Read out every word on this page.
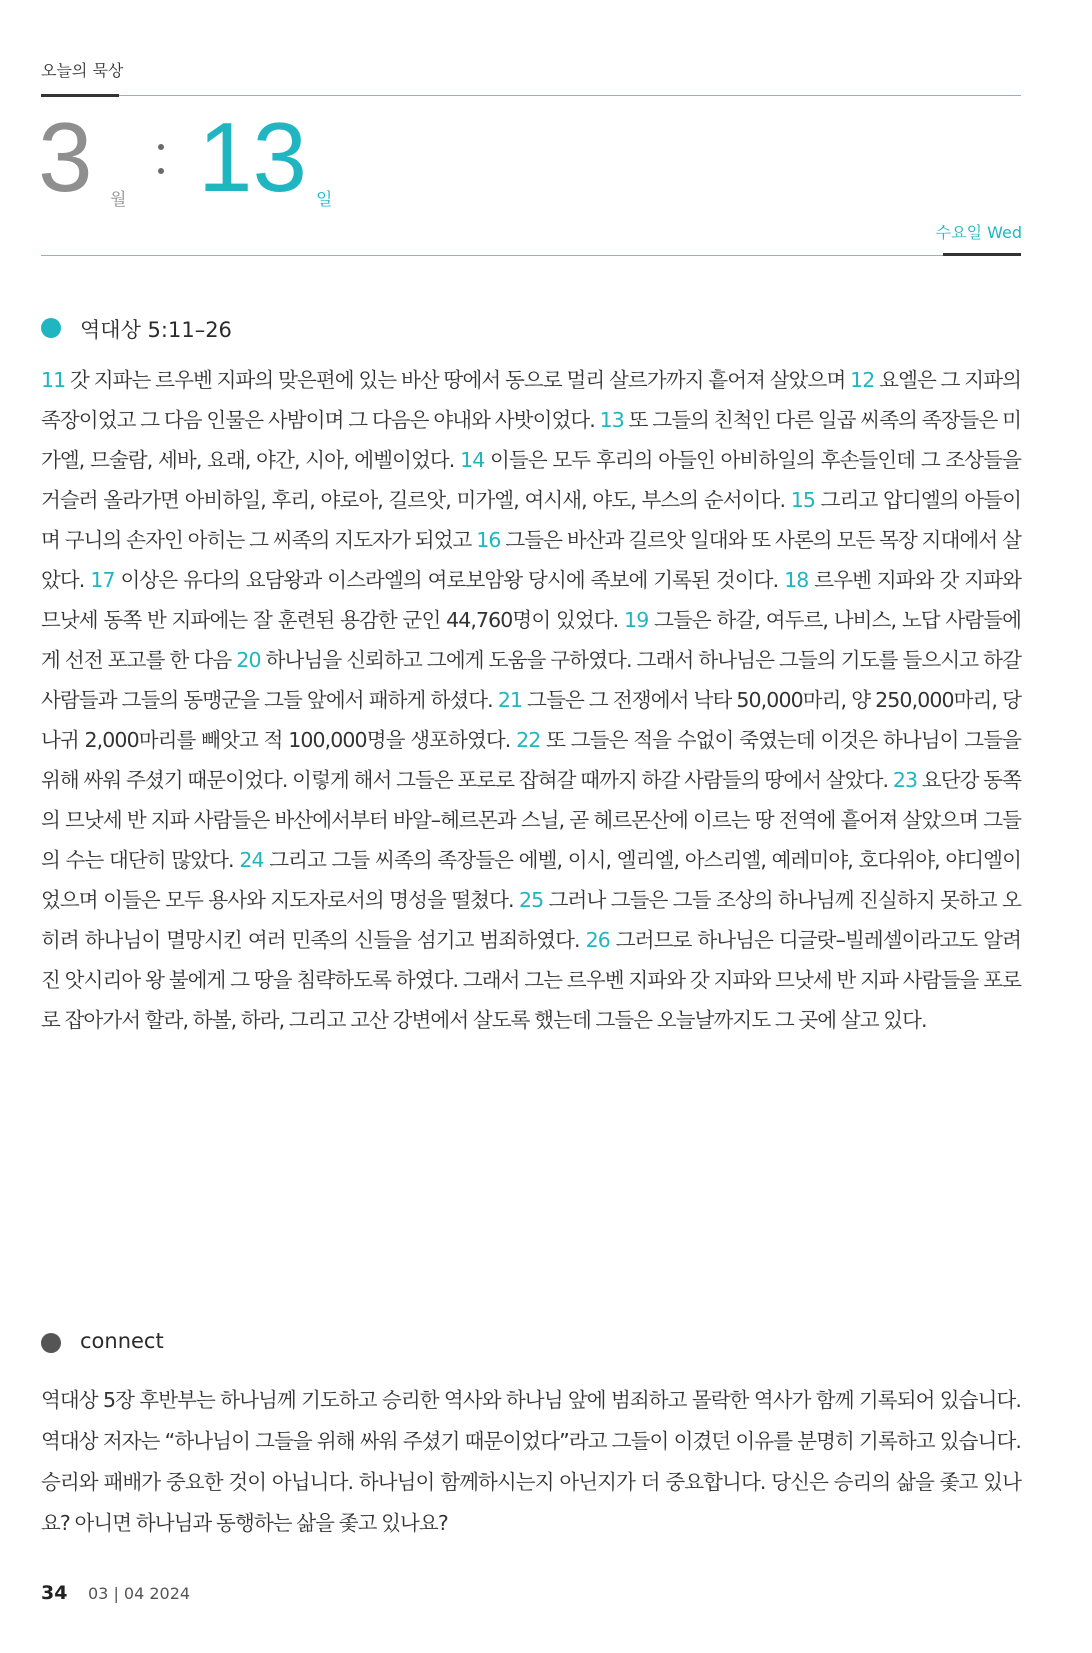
오늘의 묵상
3 월 13 일
수요일 Wed
역대상 5:11–26
11 갓 지파는 르우벤 지파의 맞은편에 있는 바산 땅에서 동으로 멀리 살르가까지 흩어져 살았으며 12 요엘은 그 지파의 족장이었고 그 다음 인물은 사밤이며 그 다음은 야내와 사밧이었다. 13 또 그들의 친척인 다른 일곱 씨족의 족장들은 미가엘, 므술람, 세바, 요래, 야간, 시아, 에벨이었다. 14 이들은 모두 후리의 아들인 아비하일의 후손들인데 그 조상들을 거슬러 올라가면 아비하일, 후리, 야로아, 길르앗, 미가엘, 여시새, 야도, 부스의 순서이다. 15 그리고 압디엘의 아들이며 구니의 손자인 아히는 그 씨족의 지도자가 되었고 16 그들은 바산과 길르앗 일대와 또 사론의 모든 목장 지대에서 살았다. 17 이상은 유다의 요담왕과 이스라엘의 여로보암왕 당시에 족보에 기록된 것이다. 18 르우벤 지파와 갓 지파와 므낫세 동쪽 반 지파에는 잘 훈련된 용감한 군인 44,760명이 있었다. 19 그들은 하갈, 여두르, 나비스, 노답 사람들에게 선전 포고를 한 다음 20 하나님을 신뢰하고 그에게 도움을 구하였다. 그래서 하나님은 그들의 기도를 들으시고 하갈 사람들과 그들의 동맹군을 그들 앞에서 패하게 하셨다. 21 그들은 그 전쟁에서 낙타 50,000마리, 양 250,000마리, 당나귀 2,000마리를 빼앗고 적 100,000명을 생포하였다. 22 또 그들은 적을 수없이 죽였는데 이것은 하나님이 그들을 위해 싸워 주셨기 때문이었다. 이렇게 해서 그들은 포로로 잡혀갈 때까지 하갈 사람들의 땅에서 살았다. 23 요단강 동쪽의 므낫세 반 지파 사람들은 바산에서부터 바알–헤르몬과 스닐, 곧 헤르몬산에 이르는 땅 전역에 흩어져 살았으며 그들의 수는 대단히 많았다. 24 그리고 그들 씨족의 족장들은 에벨, 이시, 엘리엘, 아스리엘, 예레미야, 호다위야, 야디엘이었으며 이들은 모두 용사와 지도자로서의 명성을 떨쳤다. 25 그러나 그들은 그들 조상의 하나님께 진실하지 못하고 오히려 하나님이 멸망시킨 여러 민족의 신들을 섬기고 범죄하였다. 26 그러므로 하나님은 디글랏–빌레셀이라고도 알려진 앗시리아 왕 불에게 그 땅을 침략하도록 하였다. 그래서 그는 르우벤 지파와 갓 지파와 므낫세 반 지파 사람들을 포로로 잡아가서 할라, 하볼, 하라, 그리고 고산 강변에서 살도록 했는데 그들은 오늘날까지도 그 곳에 살고 있다.
connect
역대상 5장 후반부는 하나님께 기도하고 승리한 역사와 하나님 앞에 범죄하고 몰락한 역사가 함께 기록되어 있습니다. 역대상 저자는 “하나님이 그들을 위해 싸워 주셨기 때문이었다”라고 그들이 이겼던 이유를 분명히 기록하고 있습니다. 승리와 패배가 중요한 것이 아닙니다. 하나님이 함께하시는지 아닌지가 더 중요합니다. 당신은 승리의 삶을 좇고 있나요? 아니면 하나님과 동행하는 삶을 좇고 있나요?
34 03 | 04 2024
